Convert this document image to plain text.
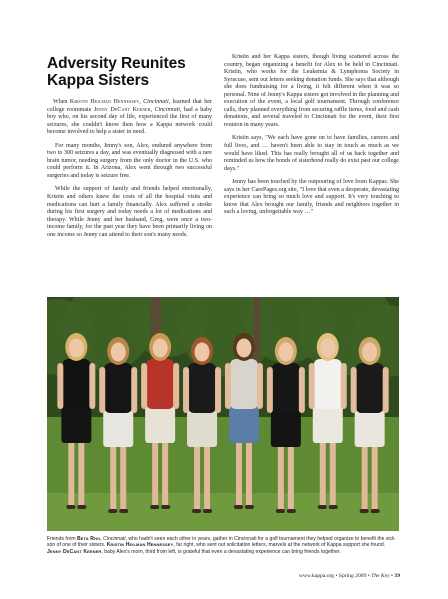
Adversity Reunites
Kappa Sisters

When Kristin Heilman Hennessey, Cincinnati, learned that her college roommate Jenny DeCant Keener, Cincinnati, had a baby boy who, on his second day of life, experienced the first of many seizures, she couldn't know then how a Kappa network could become involved to help a sister in need.

For many months, Jenny's son, Alex, endured anywhere from two to 300 seizures a day, and was eventually diagnosed with a rare brain tumor, needing surgery from the only doctor in the U.S. who could perform it. In Arizona, Alex went through two successful surgeries and today is seizure free.

While the support of family and friends helped emotionally, Kristin and others knew the costs of all the hospital visits and medications can hurt a family financially. Alex suffered a stroke during his first surgery and today needs a lot of medications and therapy. While Jenny and her husband, Greg, were once a two-income family, for the past year they have been primarily living on one income so Jenny can attend to their son's many needs.

Kristin and her Kappa sisters, though living scattered across the country, began organizing a benefit for Alex to be held in Cincinnati. Kristin, who works for the Leukemia & Lymphoma Society in Syracuse, sent out letters seeking donation funds. She says that although she does fundraising for a living, it felt different when it was so personal. Nine of Jenny's Kappa sisters got involved in the planning and execution of the event, a local golf tournament. Through conference calls, they planned everything from securing raffle items, food and cash donations, and several traveled to Cincinnati for the event, their first reunion in many years.

Kristin says, "We each have gone on to have families, careers and full lives, and … haven't been able to stay in touch as much as we would have liked. This has really brought all of us back together and reminded us how the bonds of sisterhood really do exist past our college days."

Jenny has been touched by the outpouring of love from Kappas. She says in her CarePages.org site, "I love that even a desperate, devastating experience can bring so much love and support. It's very touching to know that Alex brought our family, friends and neighbors together in such a loving, unforgettable way …"

Friends from Beta Rho, Cincinnati, who hadn't seen each other in years, gather in Cincinnati for a golf tournament they helped organize to benefit the sick son of one of their sisters. Kristin Heilman Hennessey, far right, who sent out solicitation letters, marvels at the network of Kappa support she found. Jenny DeCant Keener, baby Alex's mom, third from left, is grateful that even a devastating experience can bring friends together.

www.kappa.org • Spring 2009 • The Key • 39
